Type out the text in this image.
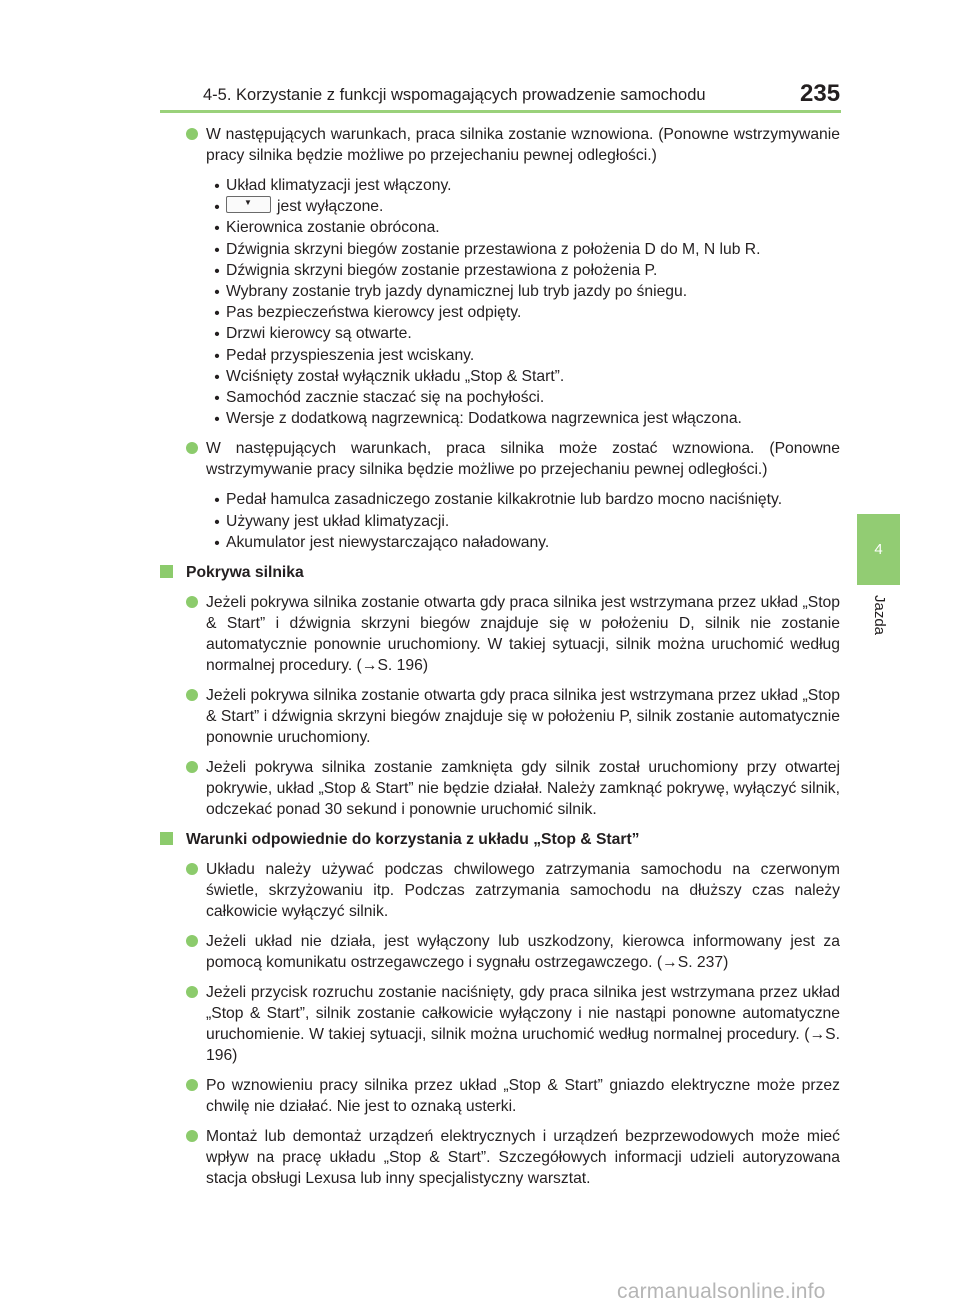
4-5. Korzystanie z funkcji wspomagających prowadzenie samochodu	235
4
Jazda
W następujących warunkach, praca silnika zostanie wznowiona. (Ponowne wstrzymywanie pracy silnika będzie możliwe po przejechaniu pewnej odległości.)
• Układ klimatyzacji jest włączony.
•	▼ jest wyłączone.
• Kierownica zostanie obrócona.
• Dźwignia skrzyni biegów zostanie przestawiona z położenia D do M, N lub R.
• Dźwignia skrzyni biegów zostanie przestawiona z położenia P.
• Wybrany zostanie tryb jazdy dynamicznej lub tryb jazdy po śniegu.
• Pas bezpieczeństwa kierowcy jest odpięty.
• Drzwi kierowcy są otwarte.
• Pedał przyspieszenia jest wciskany.
• Wciśnięty został wyłącznik układu „Stop & Start”.
• Samochód zacznie staczać się na pochyłości.
• Wersje z dodatkową nagrzewnicą: Dodatkowa nagrzewnica jest włączona.
W następujących warunkach, praca silnika może zostać wznowiona. (Ponowne wstrzymywanie pracy silnika będzie możliwe po przejechaniu pewnej odległości.)
• Pedał hamulca zasadniczego zostanie kilkakrotnie lub bardzo mocno naciśnięty.
• Używany jest układ klimatyzacji.
• Akumulator jest niewystarczająco naładowany.
Pokrywa silnika
Jeżeli pokrywa silnika zostanie otwarta gdy praca silnika jest wstrzymana przez układ „Stop & Start” i dźwignia skrzyni biegów znajduje się w położeniu D, silnik nie zostanie automatycznie ponownie uruchomiony. W takiej sytuacji, silnik można uruchomić według normalnej procedury. (→S. 196)
Jeżeli pokrywa silnika zostanie otwarta gdy praca silnika jest wstrzymana przez układ „Stop & Start” i dźwignia skrzyni biegów znajduje się w położeniu P, silnik zostanie automatycznie ponownie uruchomiony.
Jeżeli pokrywa silnika zostanie zamknięta gdy silnik został uruchomiony przy otwartej pokrywie, układ „Stop & Start” nie będzie działał. Należy zamknąć pokrywę, wyłączyć silnik, odczekać ponad 30 sekund i ponownie uruchomić silnik.
Warunki odpowiednie do korzystania z układu „Stop & Start”
Układu należy używać podczas chwilowego zatrzymania samochodu na czerwonym świetle, skrzyżowaniu itp. Podczas zatrzymania samochodu na dłuższy czas należy całkowicie wyłączyć silnik.
Jeżeli układ nie działa, jest wyłączony lub uszkodzony, kierowca informowany jest za pomocą komunikatu ostrzegawczego i sygnału ostrzegawczego. (→S. 237)
Jeżeli przycisk rozruchu zostanie naciśnięty, gdy praca silnika jest wstrzymana przez układ „Stop & Start”, silnik zostanie całkowicie wyłączony i nie nastąpi ponowne automatyczne uruchomienie. W takiej sytuacji, silnik można uruchomić według normalnej procedury. (→S. 196)
Po wznowieniu pracy silnika przez układ „Stop & Start” gniazdo elektryczne może przez chwilę nie działać. Nie jest to oznaką usterki.
Montaż lub demontaż urządzeń elektrycznych i urządzeń bezprzewodowych może mieć wpływ na pracę układu „Stop & Start”. Szczegółowych informacji udzieli autoryzowana stacja obsługi Lexusa lub inny specjalistyczny warsztat.
carmanualsonline.info
